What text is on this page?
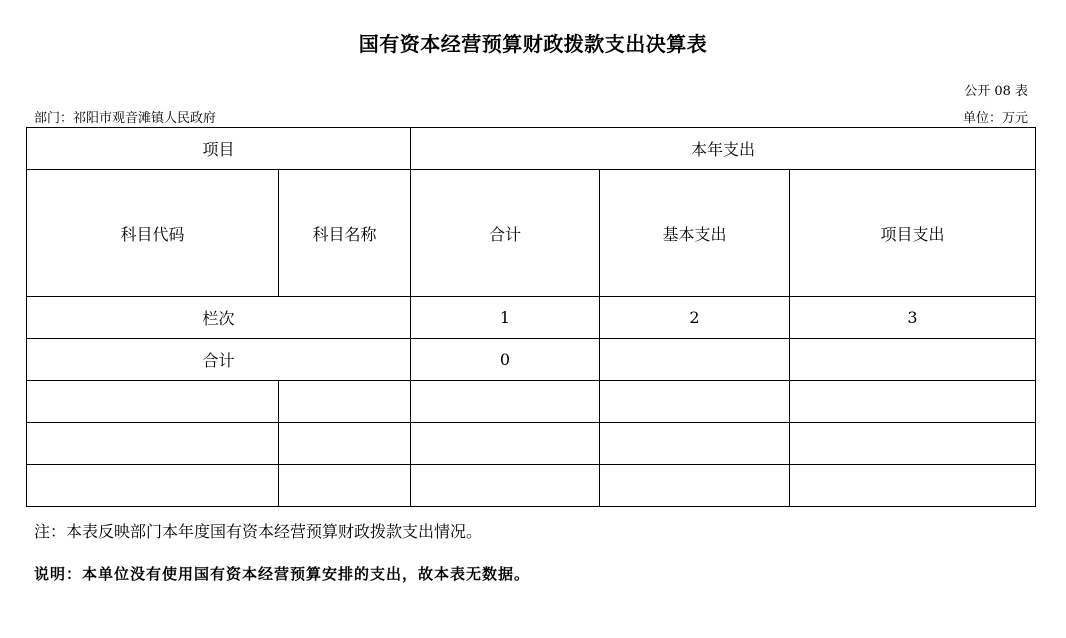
国有资本经营预算财政拨款支出决算表
公开 08 表
部门：祁阳市观音滩镇人民政府	单位：万元
项目		本年支出		
科目代码	科目名称	合计	基本支出	项目支出
栏次		1	2	3
合计		0		

注：本表反映部门本年度国有资本经营预算财政拨款支出情况。
说明：本单位没有使用国有资本经营预算安排的支出，故本表无数据。
